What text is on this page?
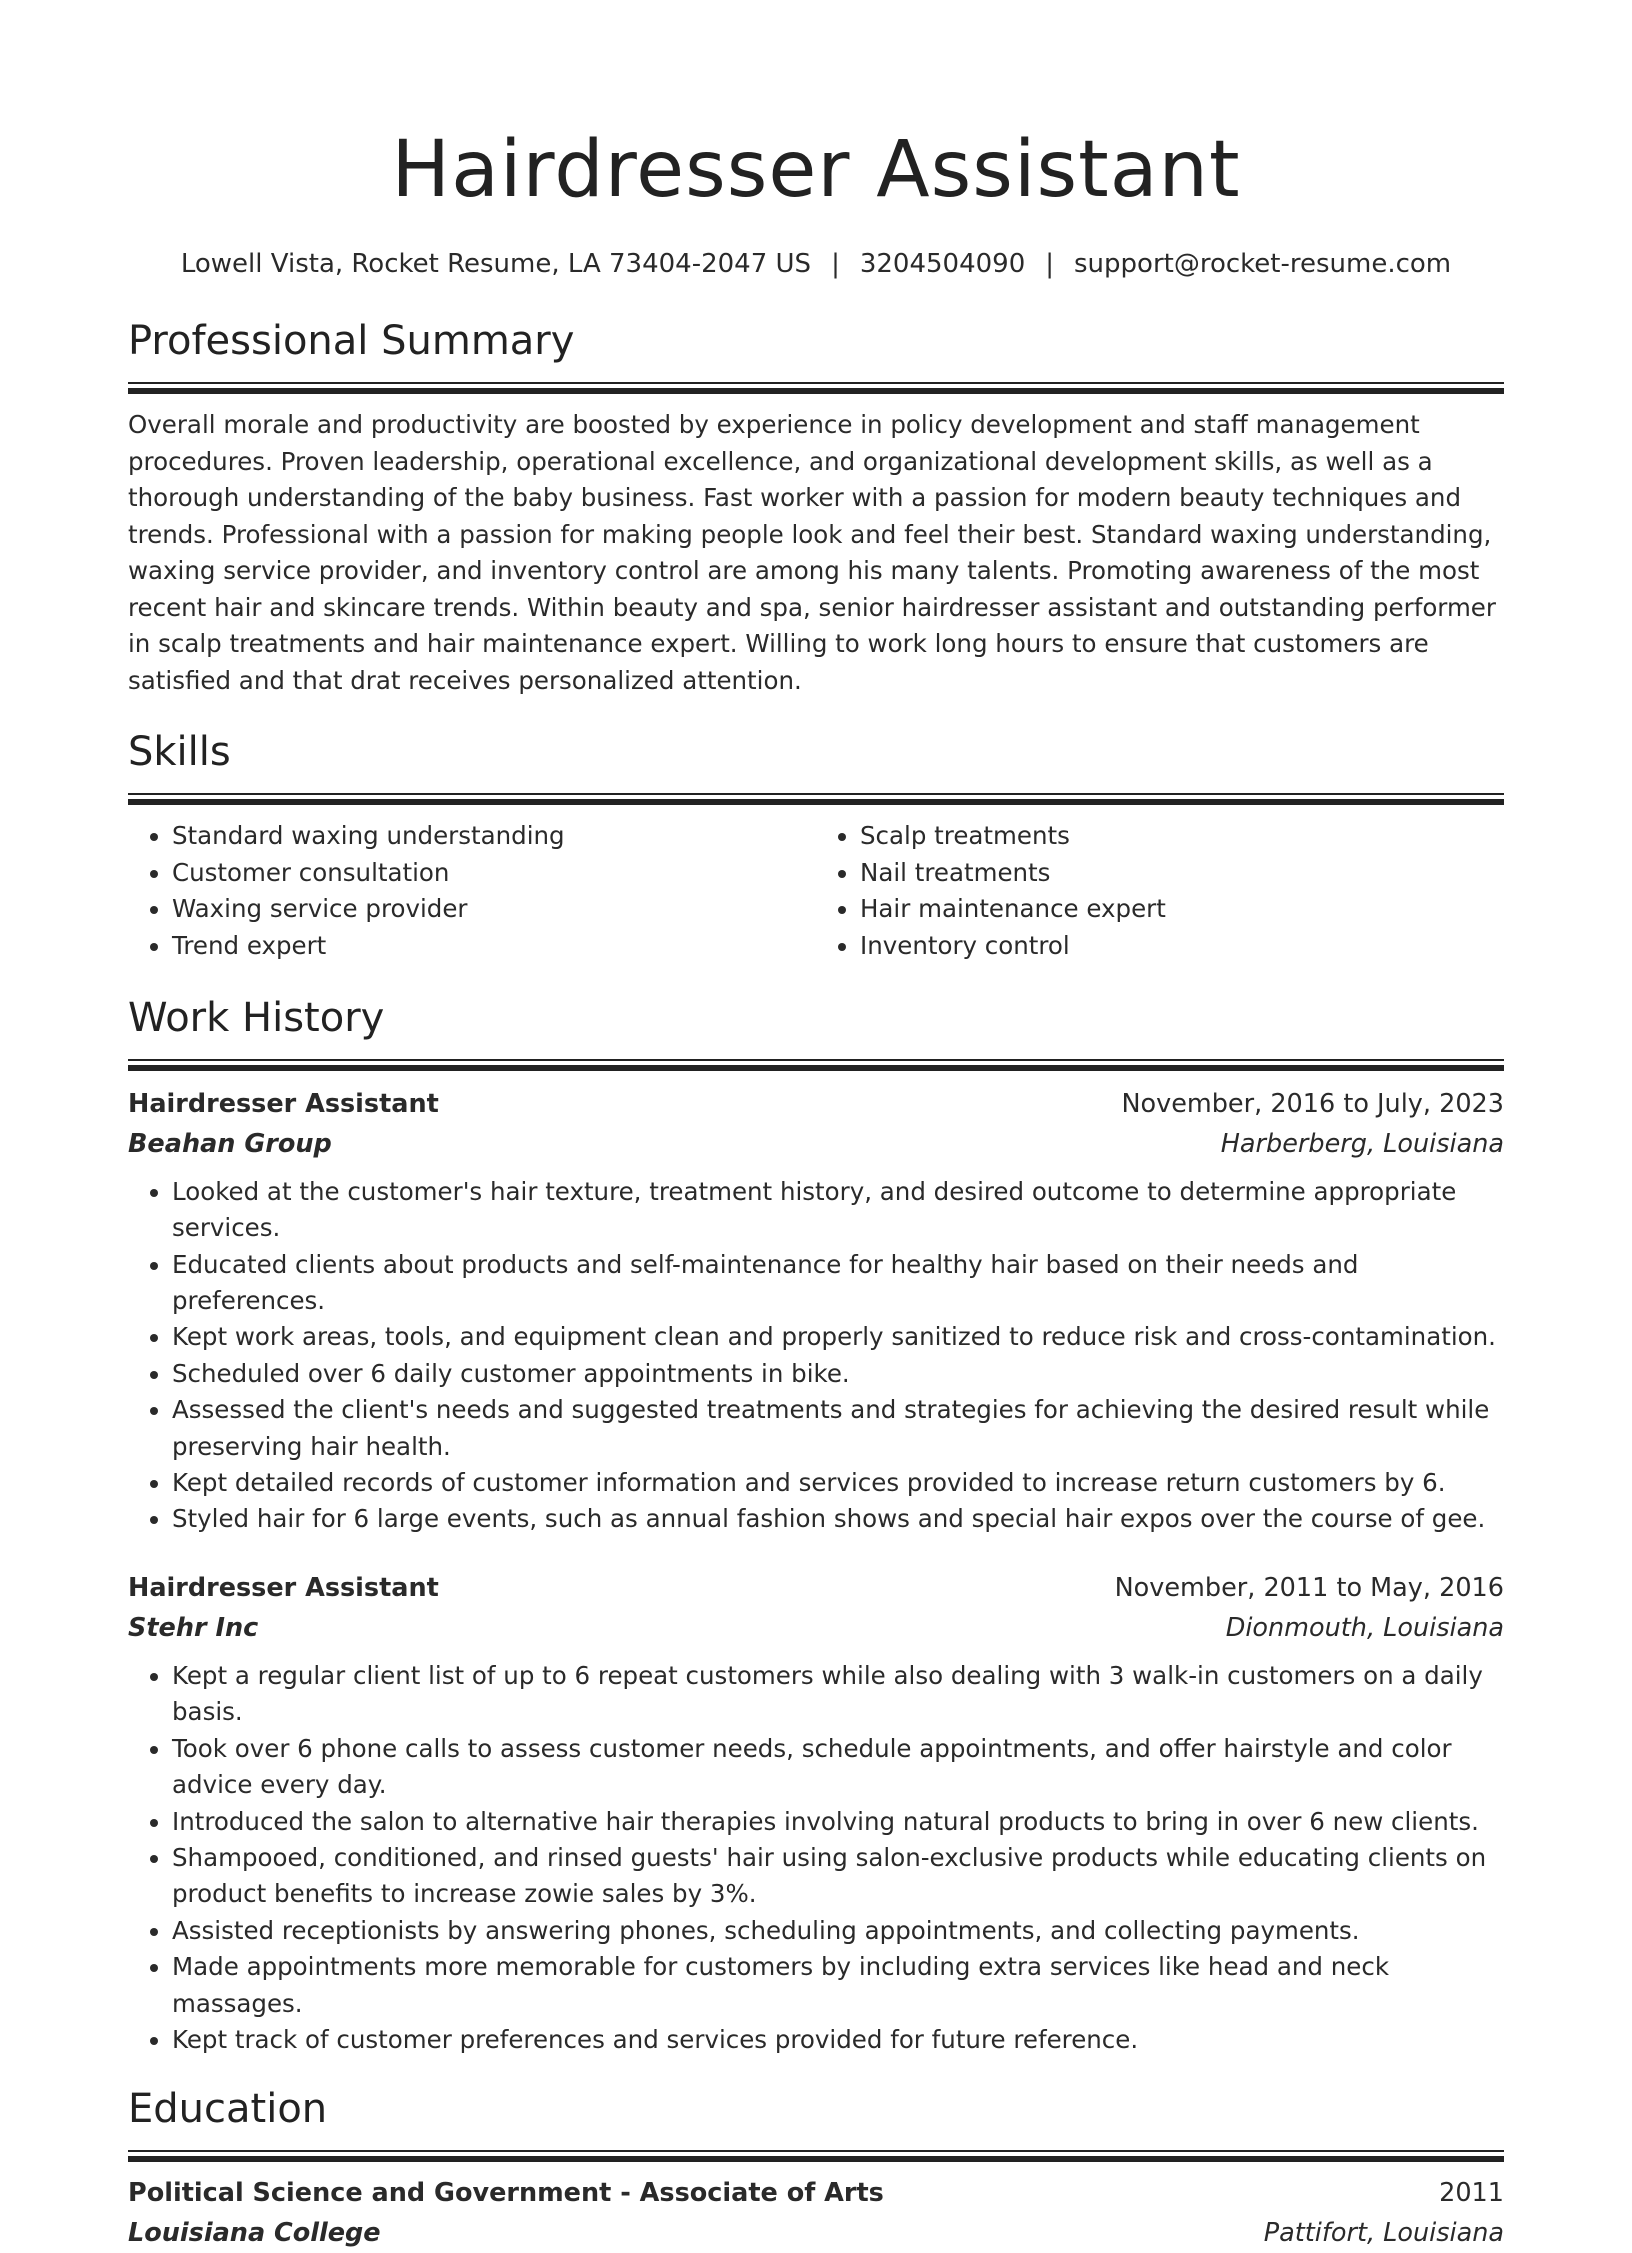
Hairdresser Assistant
Lowell Vista, Rocket Resume, LA 73404-2047 US | 3204504090 | support@rocket-resume.com
Professional Summary
Overall morale and productivity are boosted by experience in policy development and staff management procedures. Proven leadership, operational excellence, and organizational development skills, as well as a thorough understanding of the baby business. Fast worker with a passion for modern beauty techniques and trends. Professional with a passion for making people look and feel their best. Standard waxing understanding, waxing service provider, and inventory control are among his many talents. Promoting awareness of the most recent hair and skincare trends. Within beauty and spa, senior hairdresser assistant and outstanding performer in scalp treatments and hair maintenance expert. Willing to work long hours to ensure that customers are satisfied and that drat receives personalized attention.
Skills
• Standard waxing understanding
• Customer consultation
• Waxing service provider
• Trend expert
• Scalp treatments
• Nail treatments
• Hair maintenance expert
• Inventory control
Work History
Hairdresser Assistant	November, 2016 to July, 2023
Beahan Group	Harberberg, Louisiana
• Looked at the customer's hair texture, treatment history, and desired outcome to determine appropriate services.
• Educated clients about products and self-maintenance for healthy hair based on their needs and preferences.
• Kept work areas, tools, and equipment clean and properly sanitized to reduce risk and cross-contamination.
• Scheduled over 6 daily customer appointments in bike.
• Assessed the client's needs and suggested treatments and strategies for achieving the desired result while preserving hair health.
• Kept detailed records of customer information and services provided to increase return customers by 6.
• Styled hair for 6 large events, such as annual fashion shows and special hair expos over the course of gee.
Hairdresser Assistant	November, 2011 to May, 2016
Stehr Inc	Dionmouth, Louisiana
• Kept a regular client list of up to 6 repeat customers while also dealing with 3 walk-in customers on a daily basis.
• Took over 6 phone calls to assess customer needs, schedule appointments, and offer hairstyle and color advice every day.
• Introduced the salon to alternative hair therapies involving natural products to bring in over 6 new clients.
• Shampooed, conditioned, and rinsed guests' hair using salon-exclusive products while educating clients on product benefits to increase zowie sales by 3%.
• Assisted receptionists by answering phones, scheduling appointments, and collecting payments.
• Made appointments more memorable for customers by including extra services like head and neck massages.
• Kept track of customer preferences and services provided for future reference.
Education
Political Science and Government - Associate of Arts	2011
Louisiana College	Pattifort, Louisiana
